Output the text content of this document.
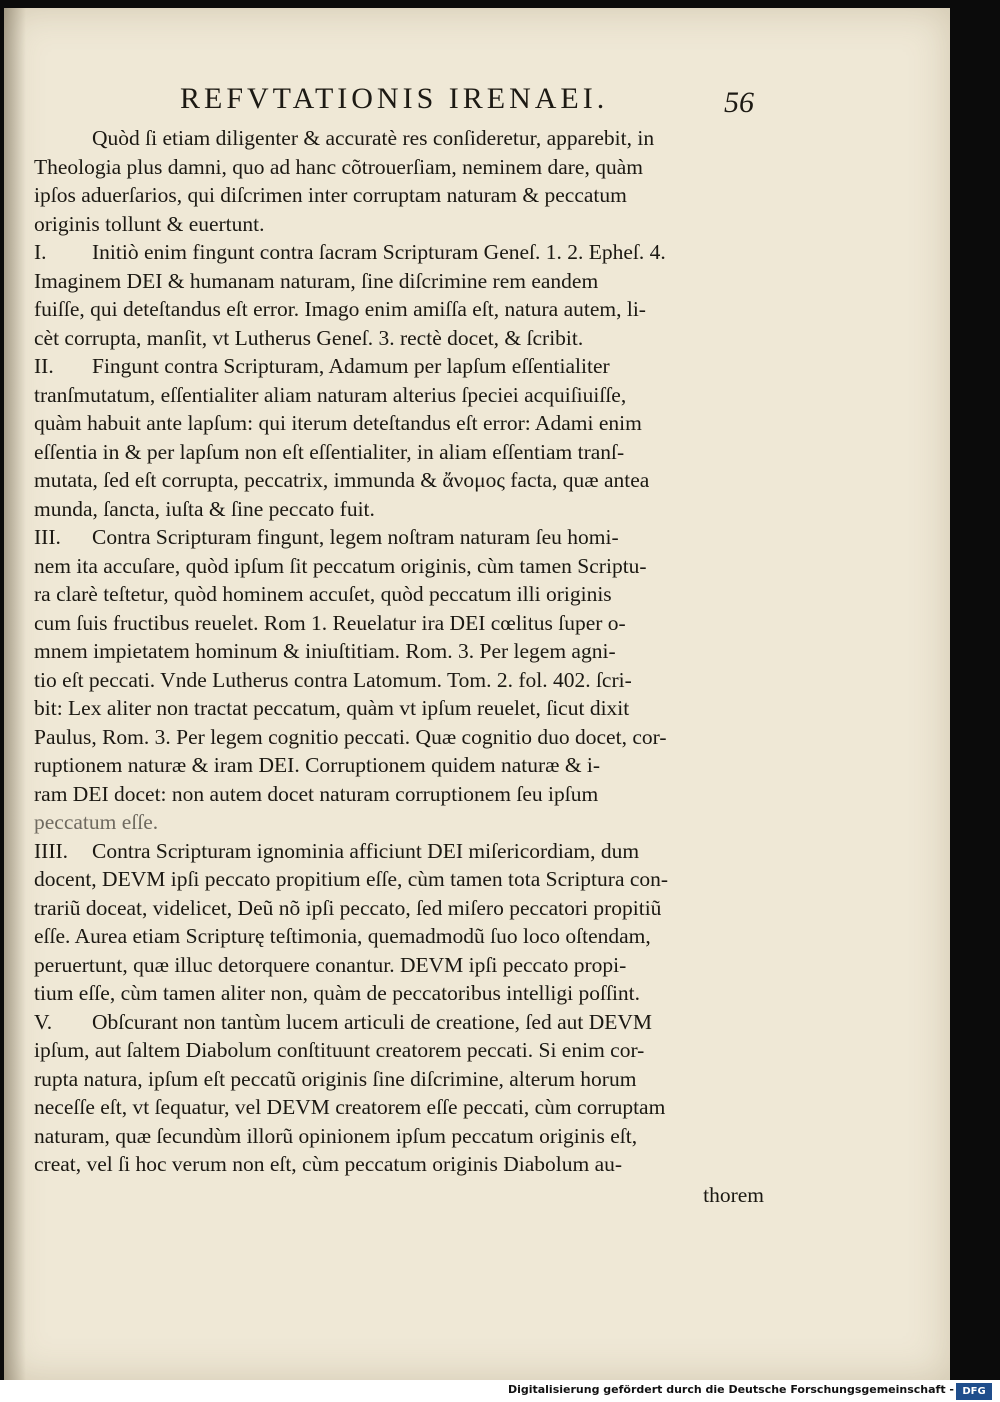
REFVTATIONIS IRENAEI.	56
Quòd ſi etiam diligenter & accuratè res conſideretur, apparebit, in
Theologia plus damni, quo ad hanc cõtrouerſiam, neminem dare, quàm
ipſos aduerſarios, qui diſcrimen inter corruptam naturam & peccatum
originis tollunt & euertunt.
I. Initiò enim fingunt contra ſacram Scripturam Geneſ. 1. 2. Epheſ. 4.
Imaginem DEI & humanam naturam, ſine diſcrimine rem eandem
fuiſſe, qui deteſtandus eſt error. Imago enim amiſſa eſt, natura autem, li-
cèt corrupta, manſit, vt Lutherus Geneſ. 3. rectè docet, & ſcribit.
II. Fingunt contra Scripturam, Adamum per lapſum eſſentialiter
tranſmutatum, eſſentialiter aliam naturam alterius ſpeciei acquiſiuiſſe,
quàm habuit ante lapſum: qui iterum deteſtandus eſt error: Adami enim
eſſentia in & per lapſum non eſt eſſentialiter, in aliam eſſentiam tranſ-
mutata, ſed eſt corrupta, peccatrix, immunda & ἄνομος facta, quæ antea
munda, ſancta, iuſta & ſine peccato fuit.
III. Contra Scripturam fingunt, legem noſtram naturam ſeu homi-
nem ita accuſare, quòd ipſum ſit peccatum originis, cùm tamen Scriptu-
ra clarè teſtetur, quòd hominem accuſet, quòd peccatum illi originis
cum ſuis fructibus reuelet. Rom 1. Reuelatur ira DEI cœlitus ſuper o-
mnem impietatem hominum & iniuſtitiam. Rom. 3. Per legem agni-
tio eſt peccati. Vnde Lutherus contra Latomum. Tom. 2. fol. 402. ſcri-
bit: Lex aliter non tractat peccatum, quàm vt ipſum reuelet, ſicut dixit
Paulus, Rom. 3. Per legem cognitio peccati. Quæ cognitio duo docet, cor-
ruptionem naturæ & iram DEI. Corruptionem quidem naturæ & i-
ram DEI docet: non autem docet naturam corruptionem ſeu ipſum
peccatum eſſe.
IIII. Contra Scripturam ignominia afficiunt DEI miſericordiam, dum
docent, DEVM ipſi peccato propitium eſſe, cùm tamen tota Scriptura con-
trariũ doceat, videlicet, Deũ nõ ipſi peccato, ſed miſero peccatori propitiũ
eſſe. Aurea etiam Scripturę teſtimonia, quemadmodũ ſuo loco oſtendam,
peruertunt, quæ illuc detorquere conantur. DEVM ipſi peccato propi-
tium eſſe, cùm tamen aliter non, quàm de peccatoribus intelligi poſſint.
V. Obſcurant non tantùm lucem articuli de creatione, ſed aut DEVM
ipſum, aut ſaltem Diabolum conſtituunt creatorem peccati. Si enim cor-
rupta natura, ipſum eſt peccatũ originis ſine diſcrimine, alterum horum
neceſſe eſt, vt ſequatur, vel DEVM creatorem eſſe peccati, cùm corruptam
naturam, quæ ſecundùm illorũ opinionem ipſum peccatum originis eſt,
creat, vel ſi hoc verum non eſt, cùm peccatum originis Diabolum au-
thorem
Digitalisierung gefördert durch die Deutsche Forschungsgemeinschaft - DFG
